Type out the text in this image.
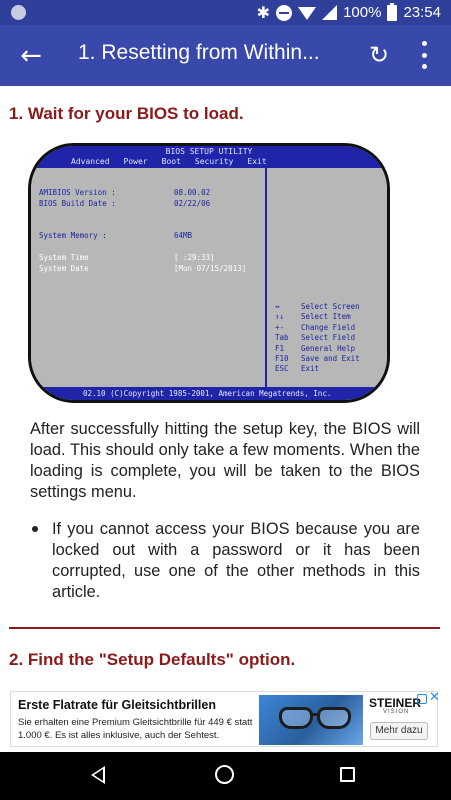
✱	100% 23:54
← 1. Resetting from Within...	↻
1. Wait for your BIOS to load.
BIOS SETUP UTILITY
Advanced Power Boot Security Exit
AMIBIOS Version :	08.00.02
BIOS Build Date :	02/22/06
System Memory :	64MB
System Time	[ :29:33]
System Date	[Mon 07/15/2013]
↔	Select Screen
↑↓ Select Item
+- Change Field
Tab Select Field
F1 General Help
F10 Save and Exit
ESC Exit
02.10 (C)Copyright 1985-2001, American Megatrends, Inc.
After successfully hitting the setup key, the BIOS will load. This should only take a few moments. When the loading is complete, you will be taken to the BIOS settings menu.
If you cannot access your BIOS because you are locked out with a password or it has been corrupted, use one of the other methods in this article.
2. Find the "Setup Defaults" option.
Erste Flatrate für Gleitsichtbrillen
Sie erhalten eine Premium Gleitsichtbrille für 449 € statt 1.000 €. Es ist alles inklusive, auch der Sehtest.
STEINER
VISION
✕
Mehr dazu
